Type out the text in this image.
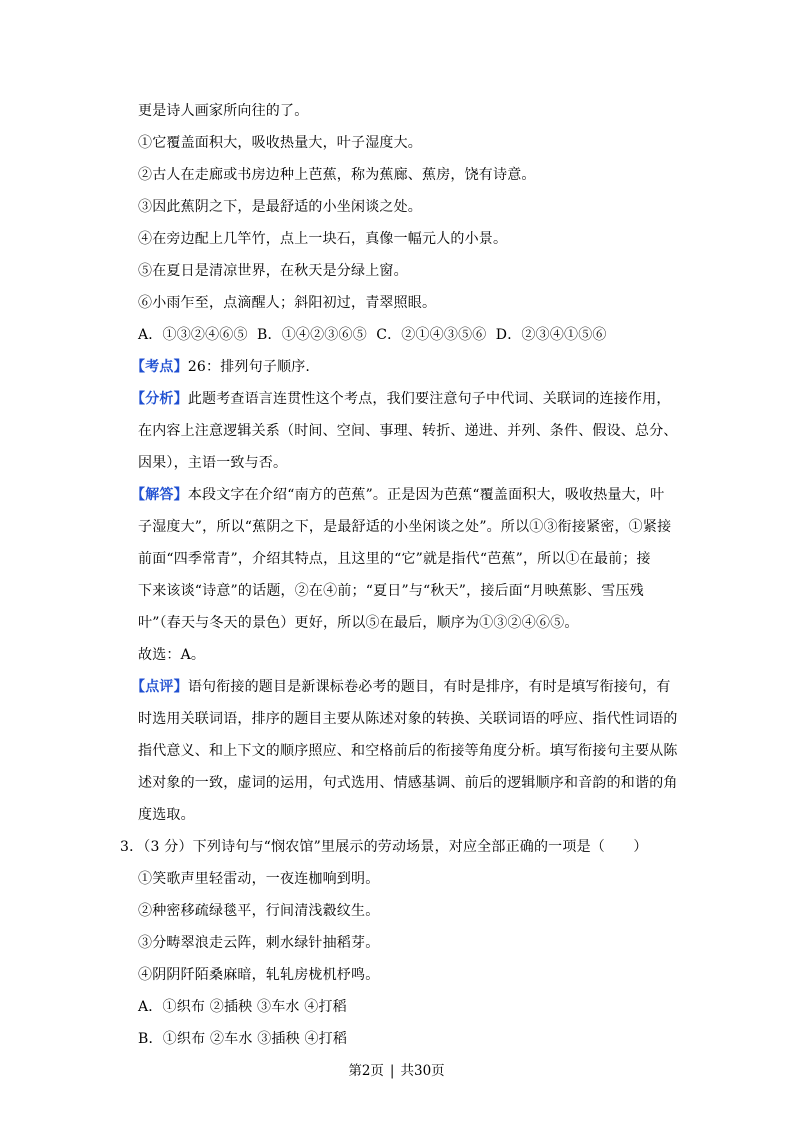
更是诗人画家所向往的了。
①它覆盖面积大，吸收热量大，叶子湿度大。
②古人在走廊或书房边种上芭蕉，称为蕉廊、蕉房，饶有诗意。
③因此蕉阴之下，是最舒适的小坐闲谈之处。
④在旁边配上几竿竹，点上一块石，真像一幅元人的小景。
⑤在夏日是清凉世界，在秋天是分绿上窗。
⑥小雨乍至，点滴醒人；斜阳初过，青翠照眼。
A．①③②④⑥⑤  B．①④②③⑥⑤  C．②①④③⑤⑥  D．②③④①⑤⑥
【考点】26：排列句子顺序.
【分析】此题考查语言连贯性这个考点，我们要注意句子中代词、关联词的连接作用，
在内容上注意逻辑关系（时间、空间、事理、转折、递进、并列、条件、假设、总分、
因果），主语一致与否。
【解答】本段文字在介绍“南方的芭蕉”。正是因为芭蕉“覆盖面积大，吸收热量大，叶
子湿度大”，所以“蕉阴之下，是最舒适的小坐闲谈之处”。所以①③衔接紧密，①紧接
前面“四季常青”，介绍其特点，且这里的“它”就是指代“芭蕉”，所以①在最前；接
下来该谈“诗意”的话题，②在④前；“夏日”与“秋天”，接后面“月映蕉影、雪压残
叶”（春天与冬天的景色）更好，所以⑤在最后，顺序为①③②④⑥⑤。
故选：A。
【点评】语句衔接的题目是新课标卷必考的题目，有时是排序，有时是填写衔接句，有
时选用关联词语，排序的题目主要从陈述对象的转换、关联词语的呼应、指代性词语的
指代意义、和上下文的顺序照应、和空格前后的衔接等角度分析。填写衔接句主要从陈
述对象的一致，虚词的运用，句式选用、情感基调、前后的逻辑顺序和音韵的和谐的角
度选取。
3．（3 分）下列诗句与“悯农馆”里展示的劳动场景，对应全部正确的一项是（　　）
①笑歌声里轻雷动，一夜连枷响到明。
②种密移疏绿毯平，行间清浅縠纹生。
③分畴翠浪走云阵，刺水绿针抽稻芽。
④阴阴阡陌桑麻暗，轧轧房栊机杼鸣。
A．①织布 ②插秧 ③车水 ④打稻
B．①织布 ②车水 ③插秧 ④打稻
第2页 | 共30页
